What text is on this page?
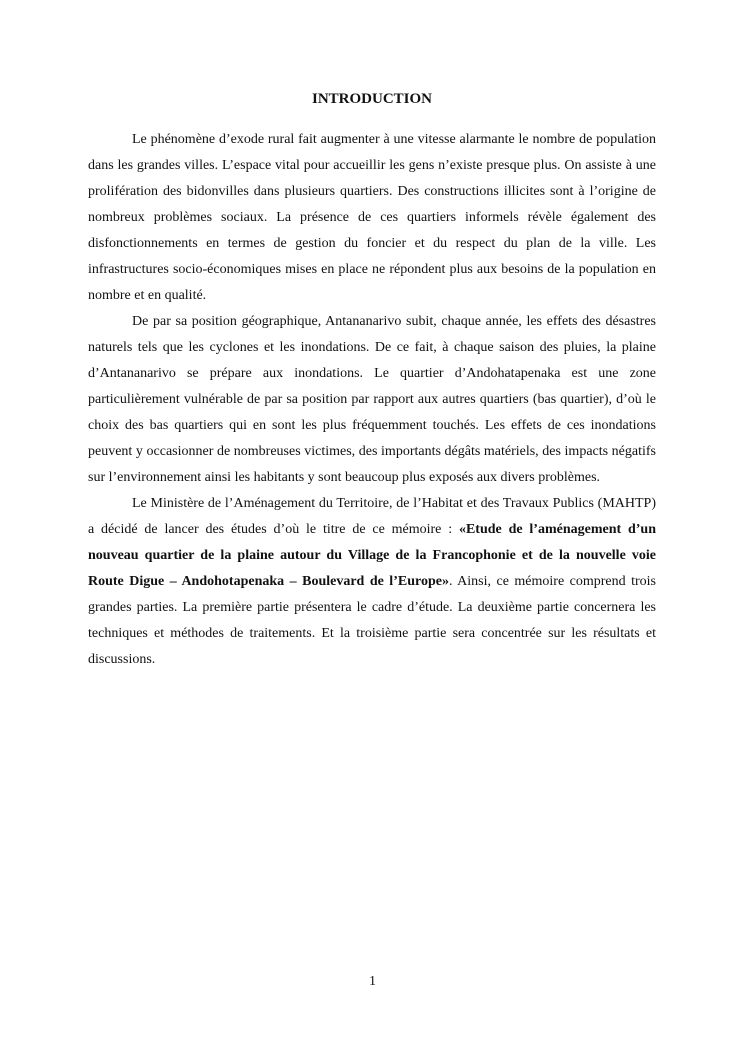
INTRODUCTION

Le phénomène d’exode rural fait augmenter à une vitesse alarmante le nombre de population dans les grandes villes. L’espace vital pour accueillir les gens n’existe presque plus. On assiste à une prolifération des bidonvilles dans plusieurs quartiers. Des constructions illicites sont à l’origine de nombreux problèmes sociaux. La présence de ces quartiers informels révèle également des disfonctionnements en termes de gestion du foncier et du respect du plan de la ville. Les infrastructures socio-économiques mises en place ne répondent plus aux besoins de la population en nombre et en qualité.

De par sa position géographique, Antananarivo subit, chaque année, les effets des désastres naturels tels que les cyclones et les inondations. De ce fait, à chaque saison des pluies, la plaine d’Antananarivo se prépare aux inondations. Le quartier d’Andohatapenaka est une zone particulièrement vulnérable de par sa position par rapport aux autres quartiers (bas quartier), d’où le choix des bas quartiers qui en sont les plus fréquemment touchés. Les effets de ces inondations peuvent y occasionner de nombreuses victimes, des importants dégâts matériels, des impacts négatifs sur l’environnement ainsi les habitants y sont beaucoup plus exposés aux divers problèmes.

Le Ministère de l’Aménagement du Territoire, de l’Habitat et des Travaux Publics (MAHTP) a décidé de lancer des études d’où le titre de ce mémoire : «Etude de l’aménagement d’un nouveau quartier de la plaine autour du Village de la Francophonie et de la nouvelle voie Route Digue – Andohotapenaka – Boulevard de l’Europe». Ainsi, ce mémoire comprend trois grandes parties. La première partie présentera le cadre d’étude. La deuxième partie concernera les techniques et méthodes de traitements. Et la troisième partie sera concentrée sur les résultats et discussions.

1
